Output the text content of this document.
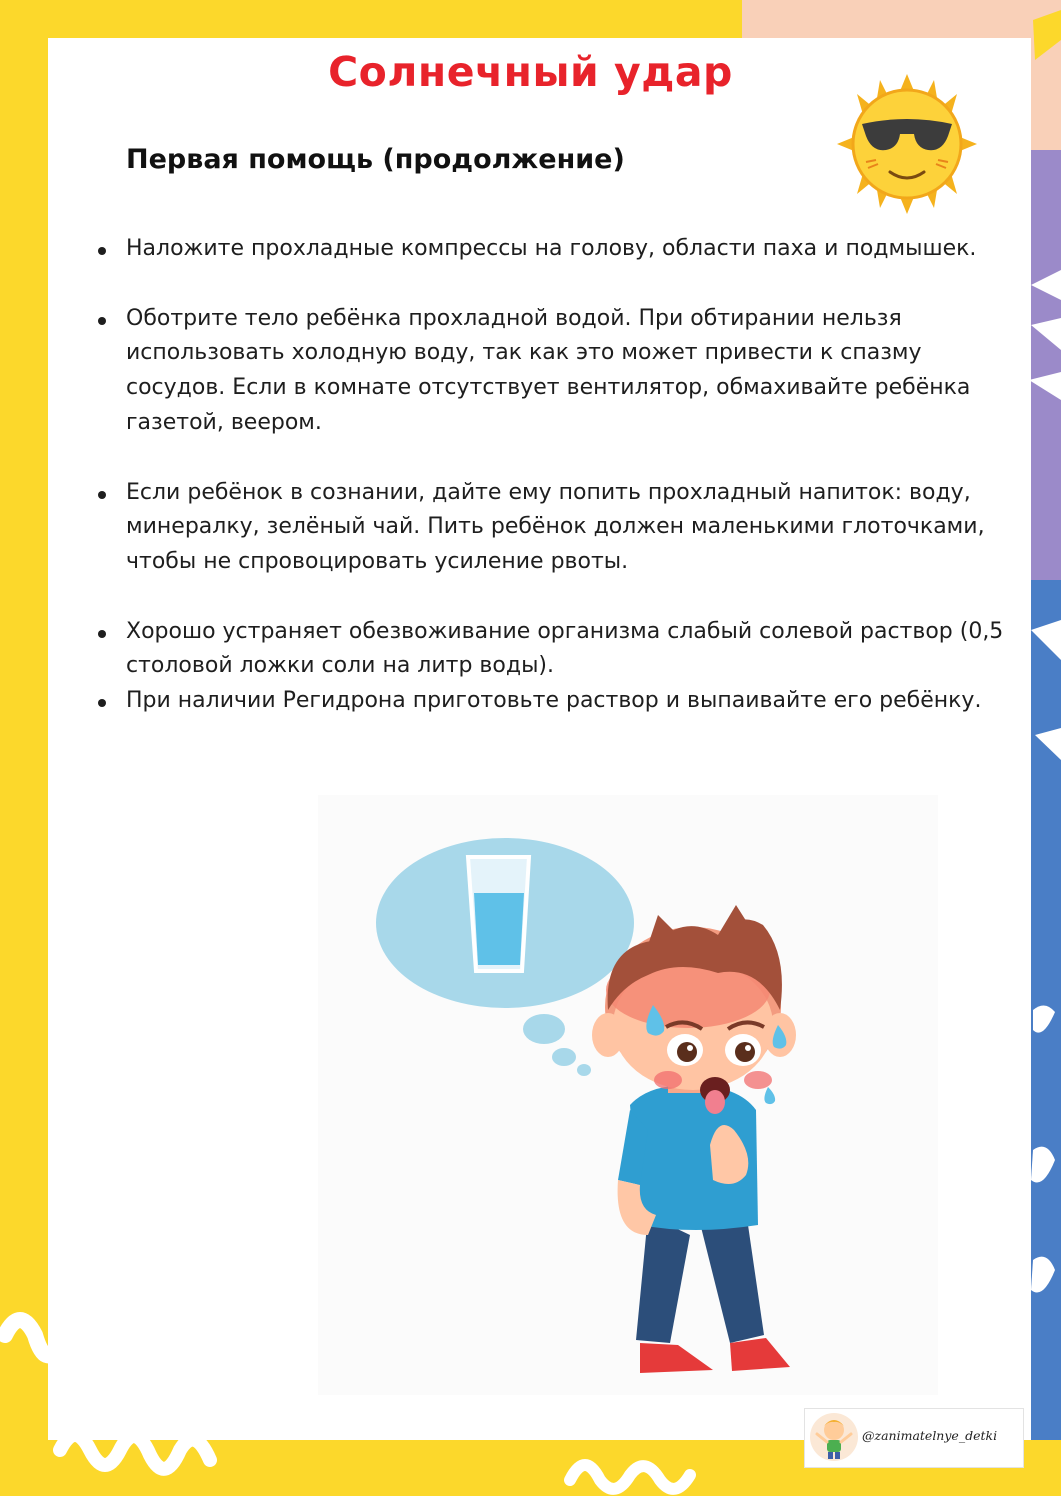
Солнечный удар
Первая помощь (продолжение)
Наложите прохладные компрессы на голову, области паха и подмышек.
Оботрите тело ребёнка прохладной водой. При обтирании нельзя использовать холодную воду, так как это может привести к спазму сосудов. Если в комнате отсутствует вентилятор, обмахивайте ребёнка газетой, веером.
Если ребёнок в сознании, дайте ему попить прохладный напиток: воду, минералку, зелёный чай. Пить ребёнок должен маленькими глоточками, чтобы не спровоцировать усиление рвоты.
Хорошо устраняет обезвоживание организма слабый солевой раствор (0,5 столовой ложки соли на литр воды).
При наличии Регидрона приготовьте раствор и выпаивайте его ребёнку.
@zanimatelnye_detki
